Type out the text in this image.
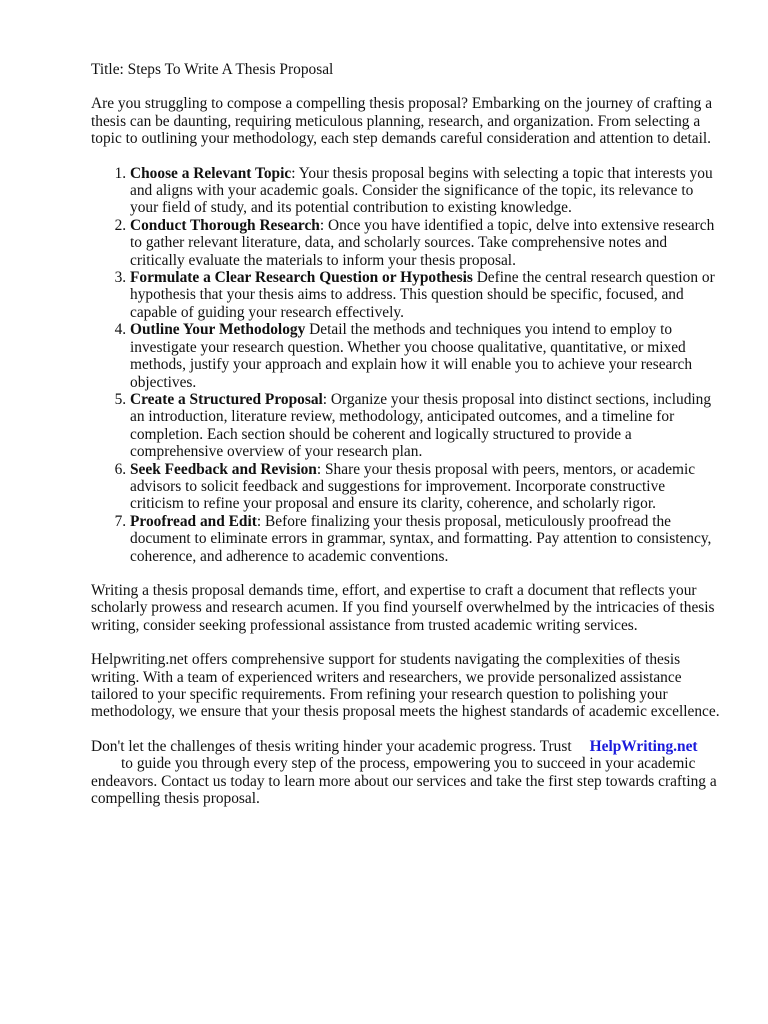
Title: Steps To Write A Thesis Proposal

Are you struggling to compose a compelling thesis proposal? Embarking on the journey of crafting a thesis can be daunting, requiring meticulous planning, research, and organization. From selecting a topic to outlining your methodology, each step demands careful consideration and attention to detail.

1. Choose a Relevant Topic: Your thesis proposal begins with selecting a topic that interests you and aligns with your academic goals. Consider the significance of the topic, its relevance to your field of study, and its potential contribution to existing knowledge.
2. Conduct Thorough Research: Once you have identified a topic, delve into extensive research to gather relevant literature, data, and scholarly sources. Take comprehensive notes and critically evaluate the materials to inform your thesis proposal.
3. Formulate a Clear Research Question or Hypothesis Define the central research question or hypothesis that your thesis aims to address. This question should be specific, focused, and capable of guiding your research effectively.
4. Outline Your Methodology Detail the methods and techniques you intend to employ to investigate your research question. Whether you choose qualitative, quantitative, or mixed methods, justify your approach and explain how it will enable you to achieve your research objectives.
5. Create a Structured Proposal: Organize your thesis proposal into distinct sections, including an introduction, literature review, methodology, anticipated outcomes, and a timeline for completion. Each section should be coherent and logically structured to provide a comprehensive overview of your research plan.
6. Seek Feedback and Revision: Share your thesis proposal with peers, mentors, or academic advisors to solicit feedback and suggestions for improvement. Incorporate constructive criticism to refine your proposal and ensure its clarity, coherence, and scholarly rigor.
7. Proofread and Edit: Before finalizing your thesis proposal, meticulously proofread the document to eliminate errors in grammar, syntax, and formatting. Pay attention to consistency, coherence, and adherence to academic conventions.

Writing a thesis proposal demands time, effort, and expertise to craft a document that reflects your scholarly prowess and research acumen. If you find yourself overwhelmed by the intricacies of thesis writing, consider seeking professional assistance from trusted academic writing services.

Helpwriting.net offers comprehensive support for students navigating the complexities of thesis writing. With a team of experienced writers and researchers, we provide personalized assistance tailored to your specific requirements. From refining your research question to polishing your methodology, we ensure that your thesis proposal meets the highest standards of academic excellence.

Don't let the challenges of thesis writing hinder your academic progress. Trust HelpWriting.net
to guide you through every step of the process, empowering you to succeed in your academic endeavors. Contact us today to learn more about our services and take the first step towards crafting a compelling thesis proposal.
